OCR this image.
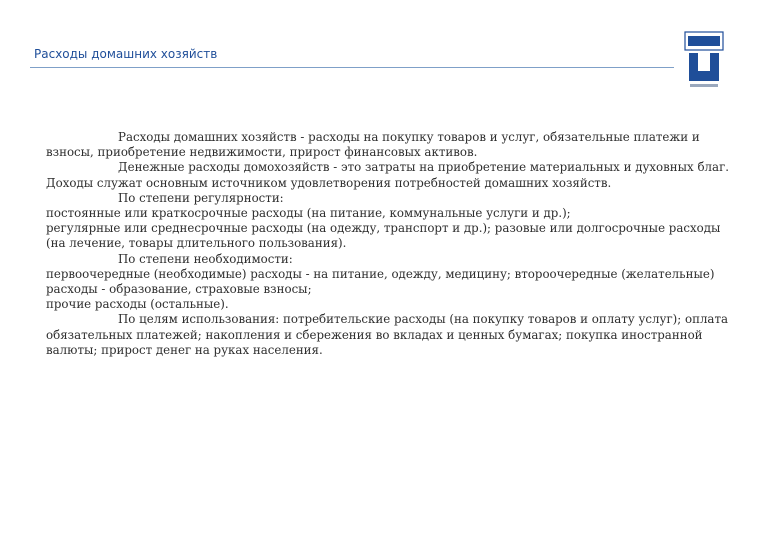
Расходы домашних хозяйств

Расходы домашних хозяйств - расходы на покупку товаров и услуг, обязательные платежи и взносы, приобретение недвижимости, прирост финансовых активов.

Денежные расходы домохозяйств - это затраты на приобретение материальных и духовных благ. Доходы служат основным источником удовлетворения потребностей домашних хозяйств.

По степени регулярности:

постоянные или краткосрочные расходы (на питание, коммунальные услуги и др.);

регулярные или среднесрочные расходы (на одежду, транспорт и др.); разовые или долгосрочные расходы (на лечение, товары длительного пользования).

По степени необходимости:

первоочередные (необходимые) расходы - на питание, одежду, медицину; второочередные (желательные) расходы - образование, страховые взносы;

прочие расходы (остальные).

По целям использования: потребительские расходы (на покупку товаров и оплату услуг); оплата обязательных платежей; накопления и сбережения во вкладах и ценных бумагах; покупка иностранной валюты; прирост денег на руках населения.
